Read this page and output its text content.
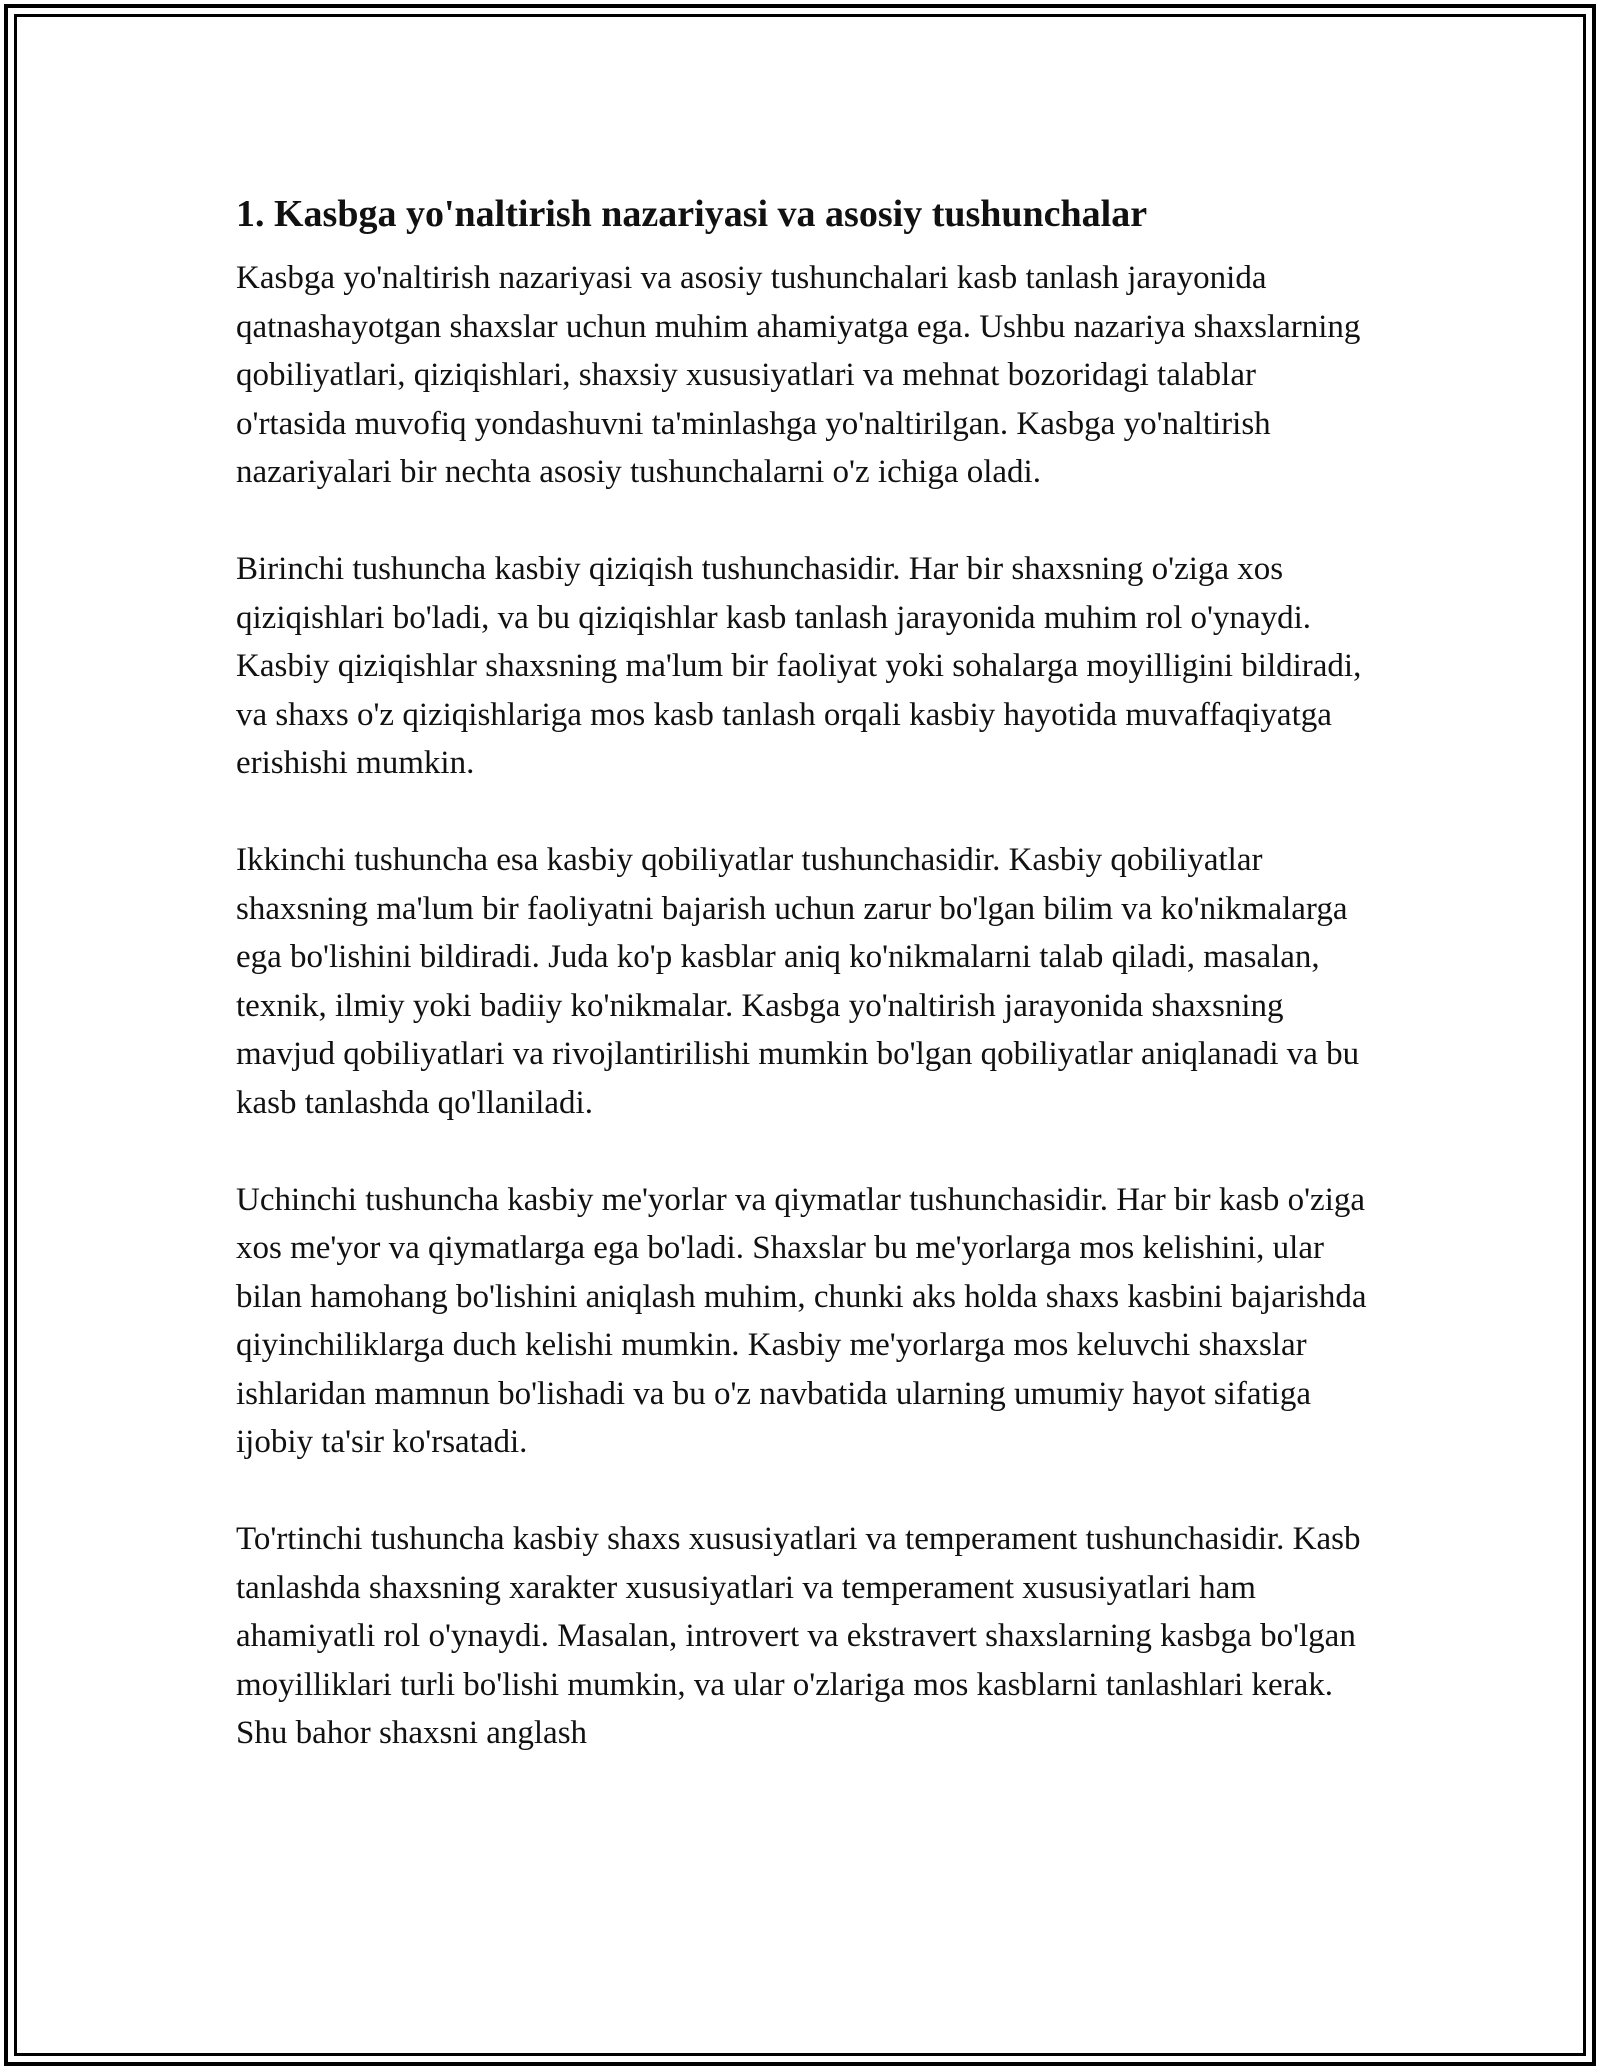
1. Kasbga yo'naltirish nazariyasi va asosiy tushunchalar

Kasbga yo'naltirish nazariyasi va asosiy tushunchalari kasb tanlash jarayonida qatnashayotgan shaxslar uchun muhim ahamiyatga ega. Ushbu nazariya shaxslarning qobiliyatlari, qiziqishlari, shaxsiy xususiyatlari va mehnat bozoridagi talablar o'rtasida muvofiq yondashuvni ta'minlashga yo'naltirilgan. Kasbga yo'naltirish nazariyalari bir nechta asosiy tushunchalarni o'z ichiga oladi.

Birinchi tushuncha kasbiy qiziqish tushunchasidir. Har bir shaxsning o'ziga xos qiziqishlari bo'ladi, va bu qiziqishlar kasb tanlash jarayonida muhim rol o'ynaydi. Kasbiy qiziqishlar shaxsning ma'lum bir faoliyat yoki sohalarga moyilligini bildiradi, va shaxs o'z qiziqishlariga mos kasb tanlash orqali kasbiy hayotida muvaffaqiyatga erishishi mumkin.

Ikkinchi tushuncha esa kasbiy qobiliyatlar tushunchasidir. Kasbiy qobiliyatlar shaxsning ma'lum bir faoliyatni bajarish uchun zarur bo'lgan bilim va ko'nikmalarga ega bo'lishini bildiradi. Juda ko'p kasblar aniq ko'nikmalarni talab qiladi, masalan, texnik, ilmiy yoki badiiy ko'nikmalar. Kasbga yo'naltirish jarayonida shaxsning mavjud qobiliyatlari va rivojlantirilishi mumkin bo'lgan qobiliyatlar aniqlanadi va bu kasb tanlashda qo'llaniladi.

Uchinchi tushuncha kasbiy me'yorlar va qiymatlar tushunchasidir. Har bir kasb o'ziga xos me'yor va qiymatlarga ega bo'ladi. Shaxslar bu me'yorlarga mos kelishini, ular bilan hamohang bo'lishini aniqlash muhim, chunki aks holda shaxs kasbini bajarishda qiyinchiliklarga duch kelishi mumkin. Kasbiy me'yorlarga mos keluvchi shaxslar ishlaridan mamnun bo'lishadi va bu o'z navbatida ularning umumiy hayot sifatiga ijobiy ta'sir ko'rsatadi.

To'rtinchi tushuncha kasbiy shaxs xususiyatlari va temperament tushunchasidir. Kasb tanlashda shaxsning xarakter xususiyatlari va temperament xususiyatlari ham ahamiyatli rol o'ynaydi. Masalan, introvert va ekstravert shaxslarning kasbga bo'lgan moyilliklari turli bo'lishi mumkin, va ular o'zlariga mos kasblarni tanlashlari kerak. Shu bahor shaxsni anglash
